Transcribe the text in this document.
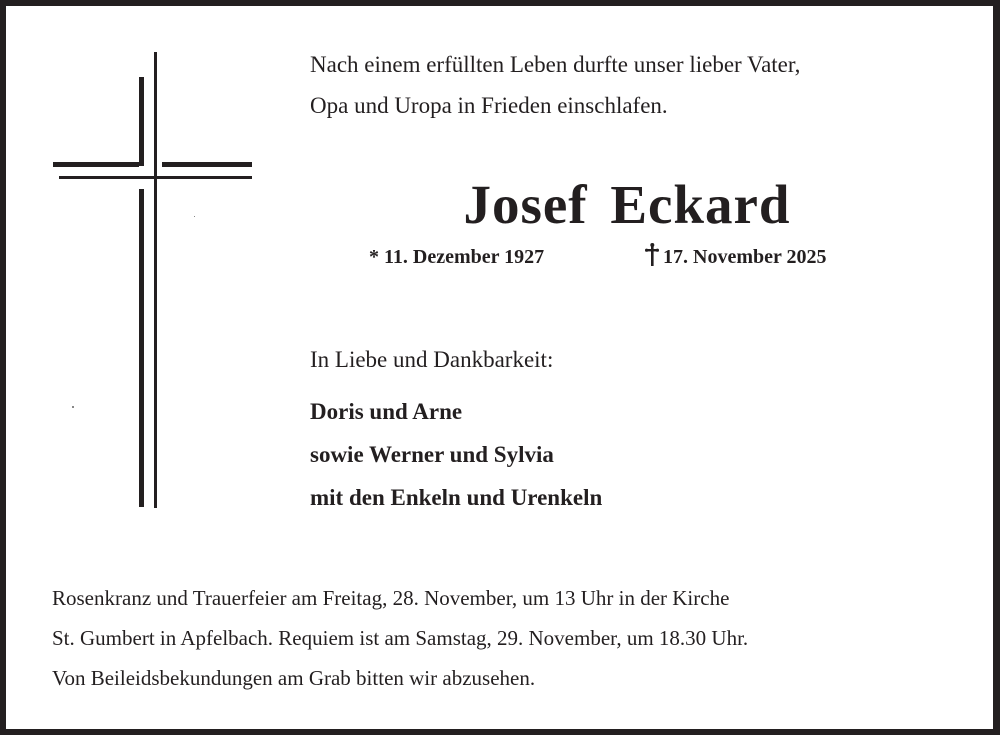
Nach einem erfüllten Leben durfte unser lieber Vater,
Opa und Uropa in Frieden einschlafen.

Josef Eckard
* 11. Dezember 1927	17. November 2025
In Liebe und Dankbarkeit:
Doris und Arne
sowie Werner und Sylvia
mit den Enkeln und Urenkeln
Rosenkranz und Trauerfeier am Freitag, 28. November, um 13 Uhr in der Kirche
St. Gumbert in Apfelbach. Requiem ist am Samstag, 29. November, um 18.30 Uhr.
Von Beileidsbekundungen am Grab bitten wir abzusehen.
